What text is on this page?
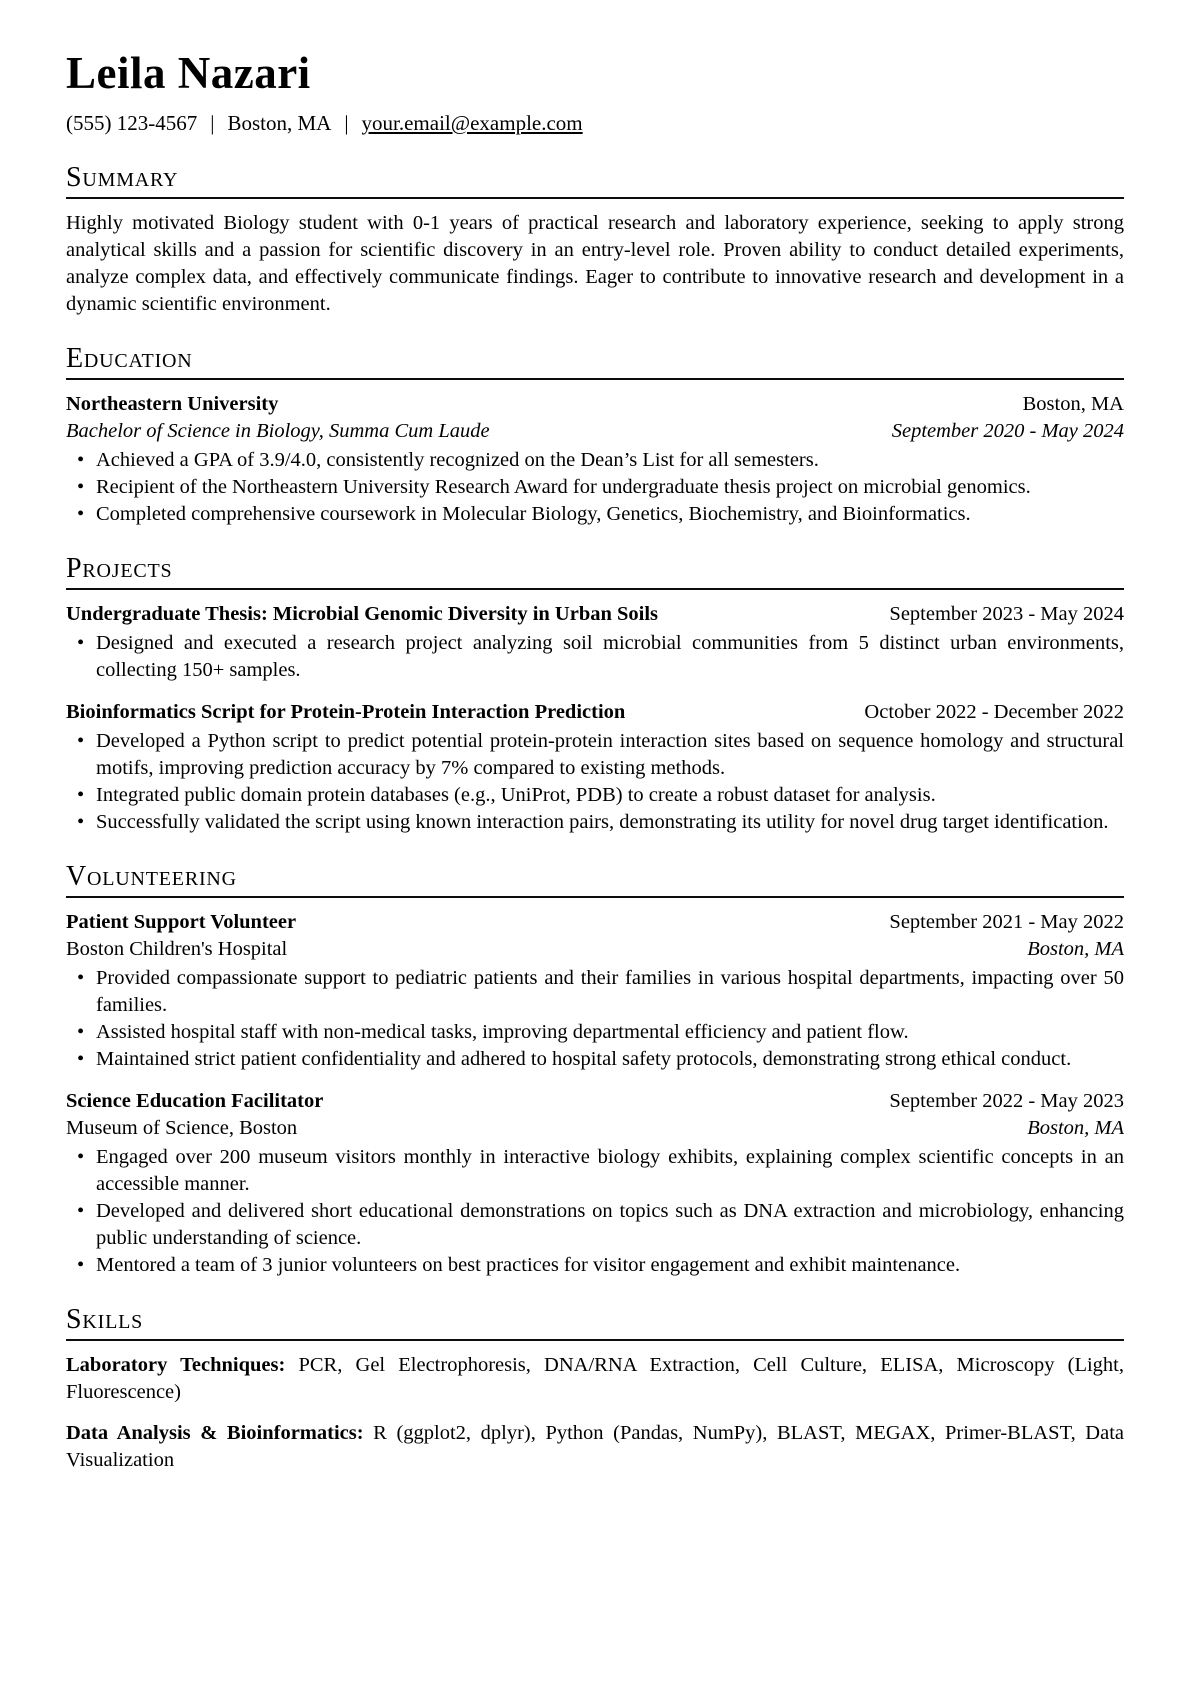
Leila Nazari
(555) 123-4567 | Boston, MA | your.email@example.com
Summary
Highly motivated Biology student with 0-1 years of practical research and laboratory experience, seeking to apply strong analytical skills and a passion for scientific discovery in an entry-level role. Proven ability to conduct detailed experiments, analyze complex data, and effectively communicate findings. Eager to contribute to innovative research and development in a dynamic scientific environment.
Education
Northeastern University	Boston, MA
Bachelor of Science in Biology, Summa Cum Laude	September 2020 - May 2024
• Achieved a GPA of 3.9/4.0, consistently recognized on the Dean’s List for all semesters.
• Recipient of the Northeastern University Research Award for undergraduate thesis project on microbial genomics.
• Completed comprehensive coursework in Molecular Biology, Genetics, Biochemistry, and Bioinformatics.
Projects
Undergraduate Thesis: Microbial Genomic Diversity in Urban Soils	September 2023 - May 2024
• Designed and executed a research project analyzing soil microbial communities from 5 distinct urban environments, collecting 150+ samples.
Bioinformatics Script for Protein-Protein Interaction Prediction	October 2022 - December 2022
• Developed a Python script to predict potential protein-protein interaction sites based on sequence homology and structural motifs, improving prediction accuracy by 7% compared to existing methods.
• Integrated public domain protein databases (e.g., UniProt, PDB) to create a robust dataset for analysis.
• Successfully validated the script using known interaction pairs, demonstrating its utility for novel drug target identification.
Volunteering
Patient Support Volunteer	September 2021 - May 2022
Boston Children's Hospital	Boston, MA
• Provided compassionate support to pediatric patients and their families in various hospital departments, impacting over 50 families.
• Assisted hospital staff with non-medical tasks, improving departmental efficiency and patient flow.
• Maintained strict patient confidentiality and adhered to hospital safety protocols, demonstrating strong ethical conduct.
Science Education Facilitator	September 2022 - May 2023
Museum of Science, Boston	Boston, MA
• Engaged over 200 museum visitors monthly in interactive biology exhibits, explaining complex scientific concepts in an accessible manner.
• Developed and delivered short educational demonstrations on topics such as DNA extraction and microbiology, enhancing public understanding of science.
• Mentored a team of 3 junior volunteers on best practices for visitor engagement and exhibit maintenance.
Skills
Laboratory Techniques: PCR, Gel Electrophoresis, DNA/RNA Extraction, Cell Culture, ELISA, Microscopy (Light, Fluorescence)
Data Analysis & Bioinformatics: R (ggplot2, dplyr), Python (Pandas, NumPy), BLAST, MEGAX, Primer-BLAST, Data Visualization
